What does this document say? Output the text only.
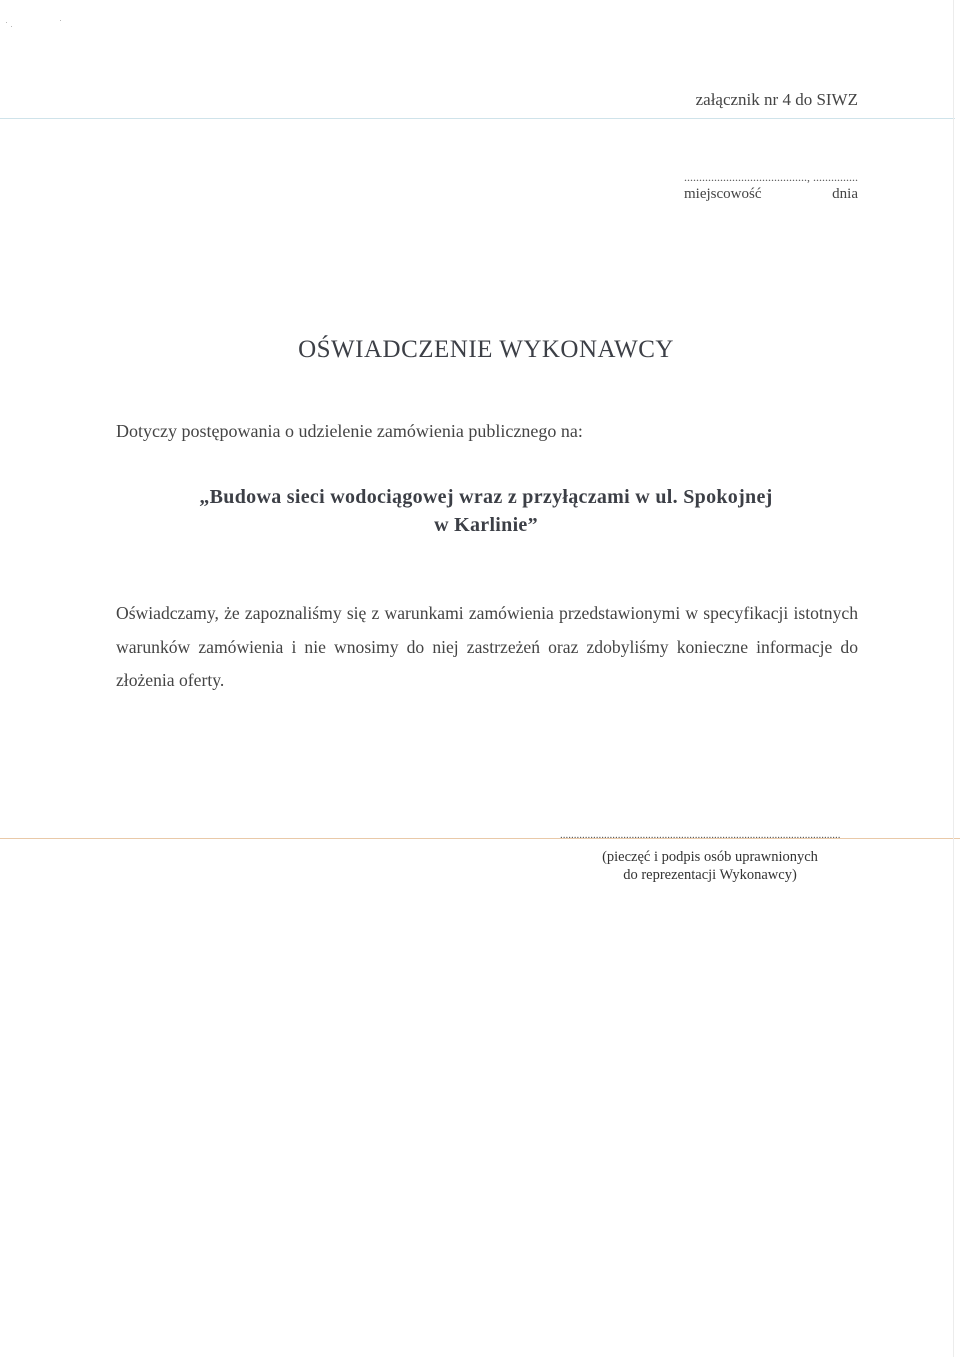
załącznik nr 4 do SIWZ
........................................., ...............
miejscowość	dnia
OŚWIADCZENIE WYKONAWCY
Dotyczy postępowania o udzielenie zamówienia publicznego na:
„Budowa sieci wodociągowej wraz z przyłączami w ul. Spokojnej
w Karlinie”
Oświadczamy, że zapoznaliśmy się z warunkami zamówienia przedstawionymi w specyfikacji istotnych warunków zamówienia i nie wnosimy do niej zastrzeżeń oraz zdobyliśmy konieczne informacje do złożenia oferty.
......................................................................................................
(pieczęć i podpis osób uprawnionych
do reprezentacji Wykonawcy)
